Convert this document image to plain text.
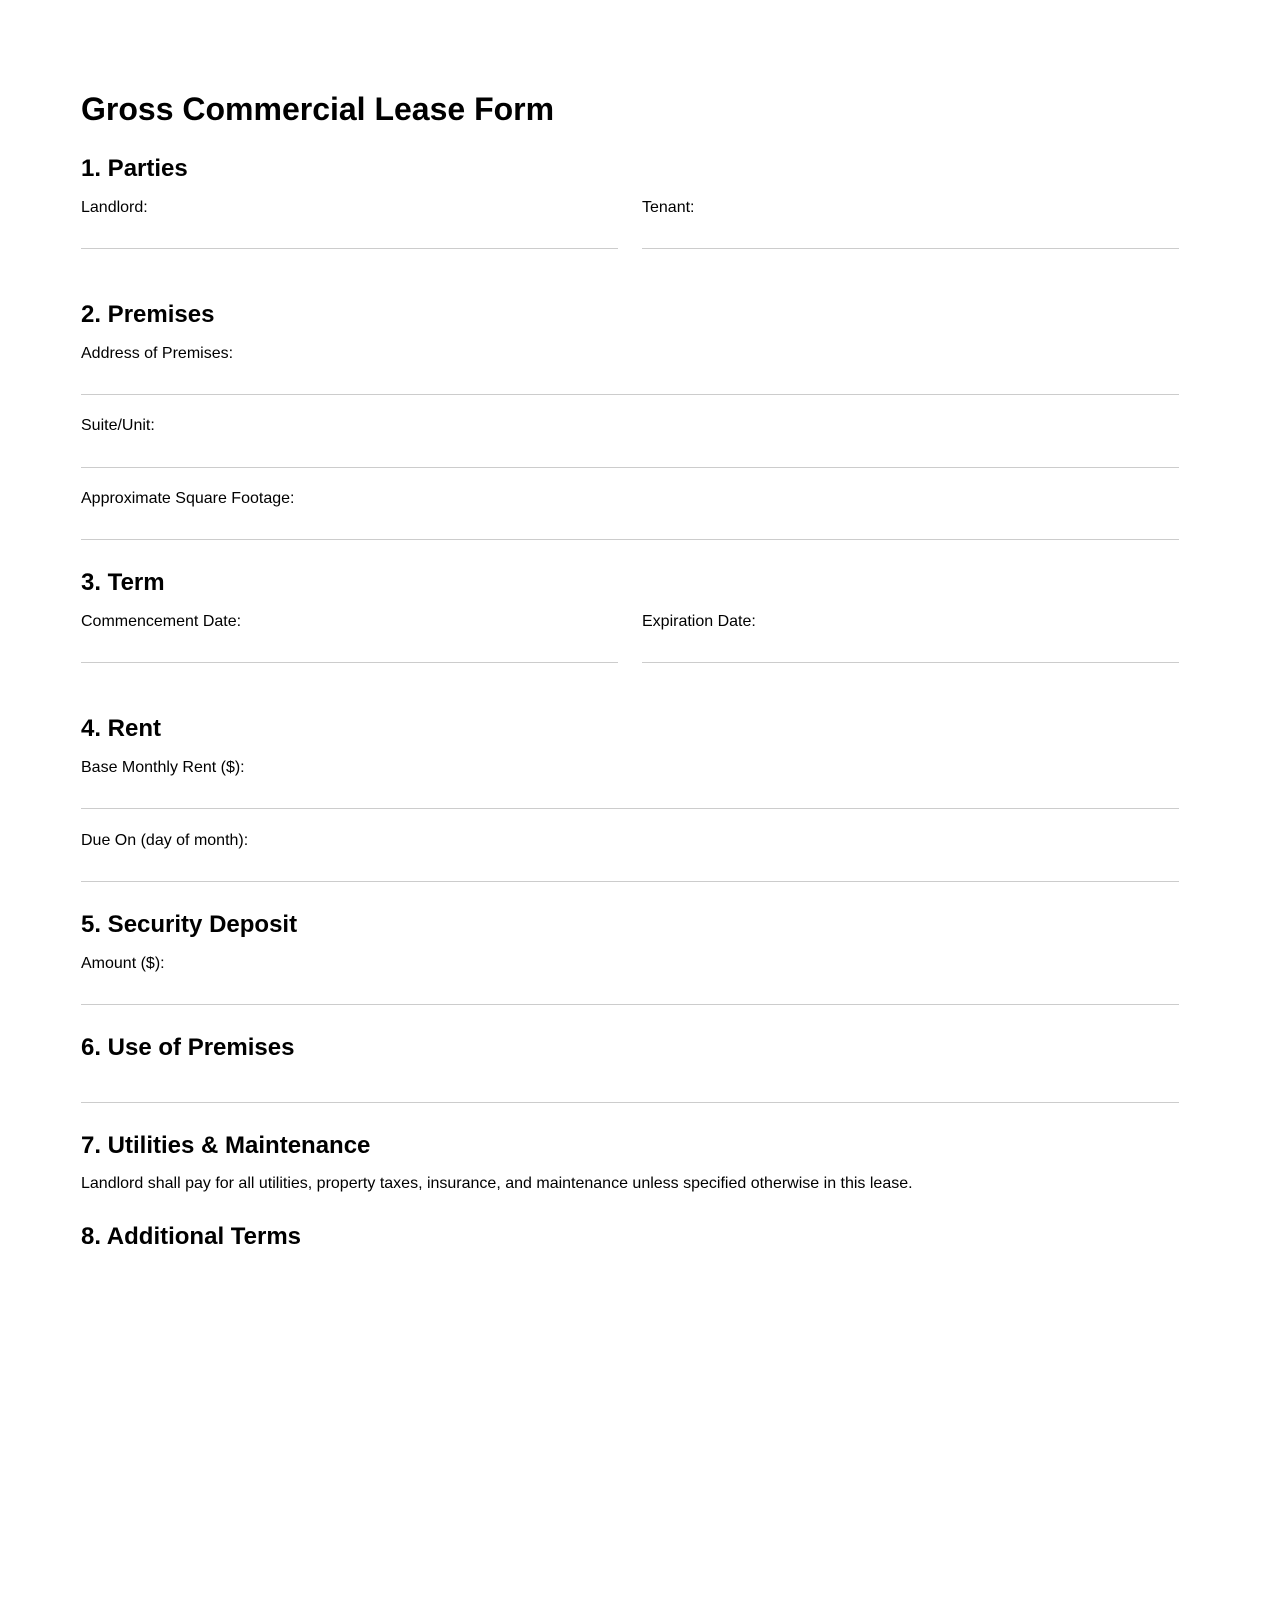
Gross Commercial Lease Form
1. Parties
Landlord:	Tenant:
2. Premises
Address of Premises:
Suite/Unit:
Approximate Square Footage:
3. Term
Commencement Date:	Expiration Date:
4. Rent
Base Monthly Rent ($):
Due On (day of month):
5. Security Deposit
Amount ($):
6. Use of Premises
7. Utilities & Maintenance

Landlord shall pay for all utilities, property taxes, insurance, and maintenance unless specified otherwise in this lease.

8. Additional Terms
